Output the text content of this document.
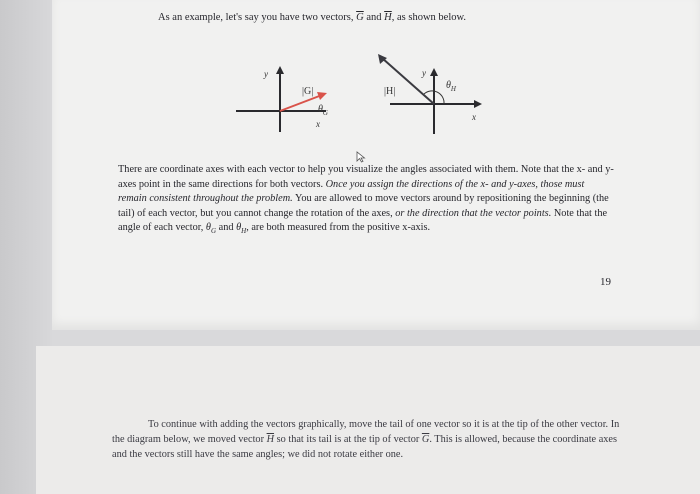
As an example, let's say you have two vectors, $\overline{G}$ and $\overline{H}$, as shown below.
y
x
|G|
$\theta_G$
y
x
|H|
$\theta_H$
There are coordinate axes with each vector to help you visualize the angles associated with them. Note that the x- and y-axes point in the same directions for both vectors. Once you assign the directions of the x- and y-axes, those must remain consistent throughout the problem. You are allowed to move vectors around by repositioning the beginning (the tail) of each vector, but you cannot change the rotation of the axes, or the direction that the vector points. Note that the angle of each vector, $\theta_G$ and $\theta_H$, are both measured from the positive x-axis.
19
To continue with adding the vectors graphically, move the tail of one vector so it is at the tip of the other vector. In the diagram below, we moved vector $\overline{H}$ so that its tail is at the tip of vector $\overline{G}$. This is allowed, because the coordinate axes and the vectors still have the same angles; we did not rotate either one.
